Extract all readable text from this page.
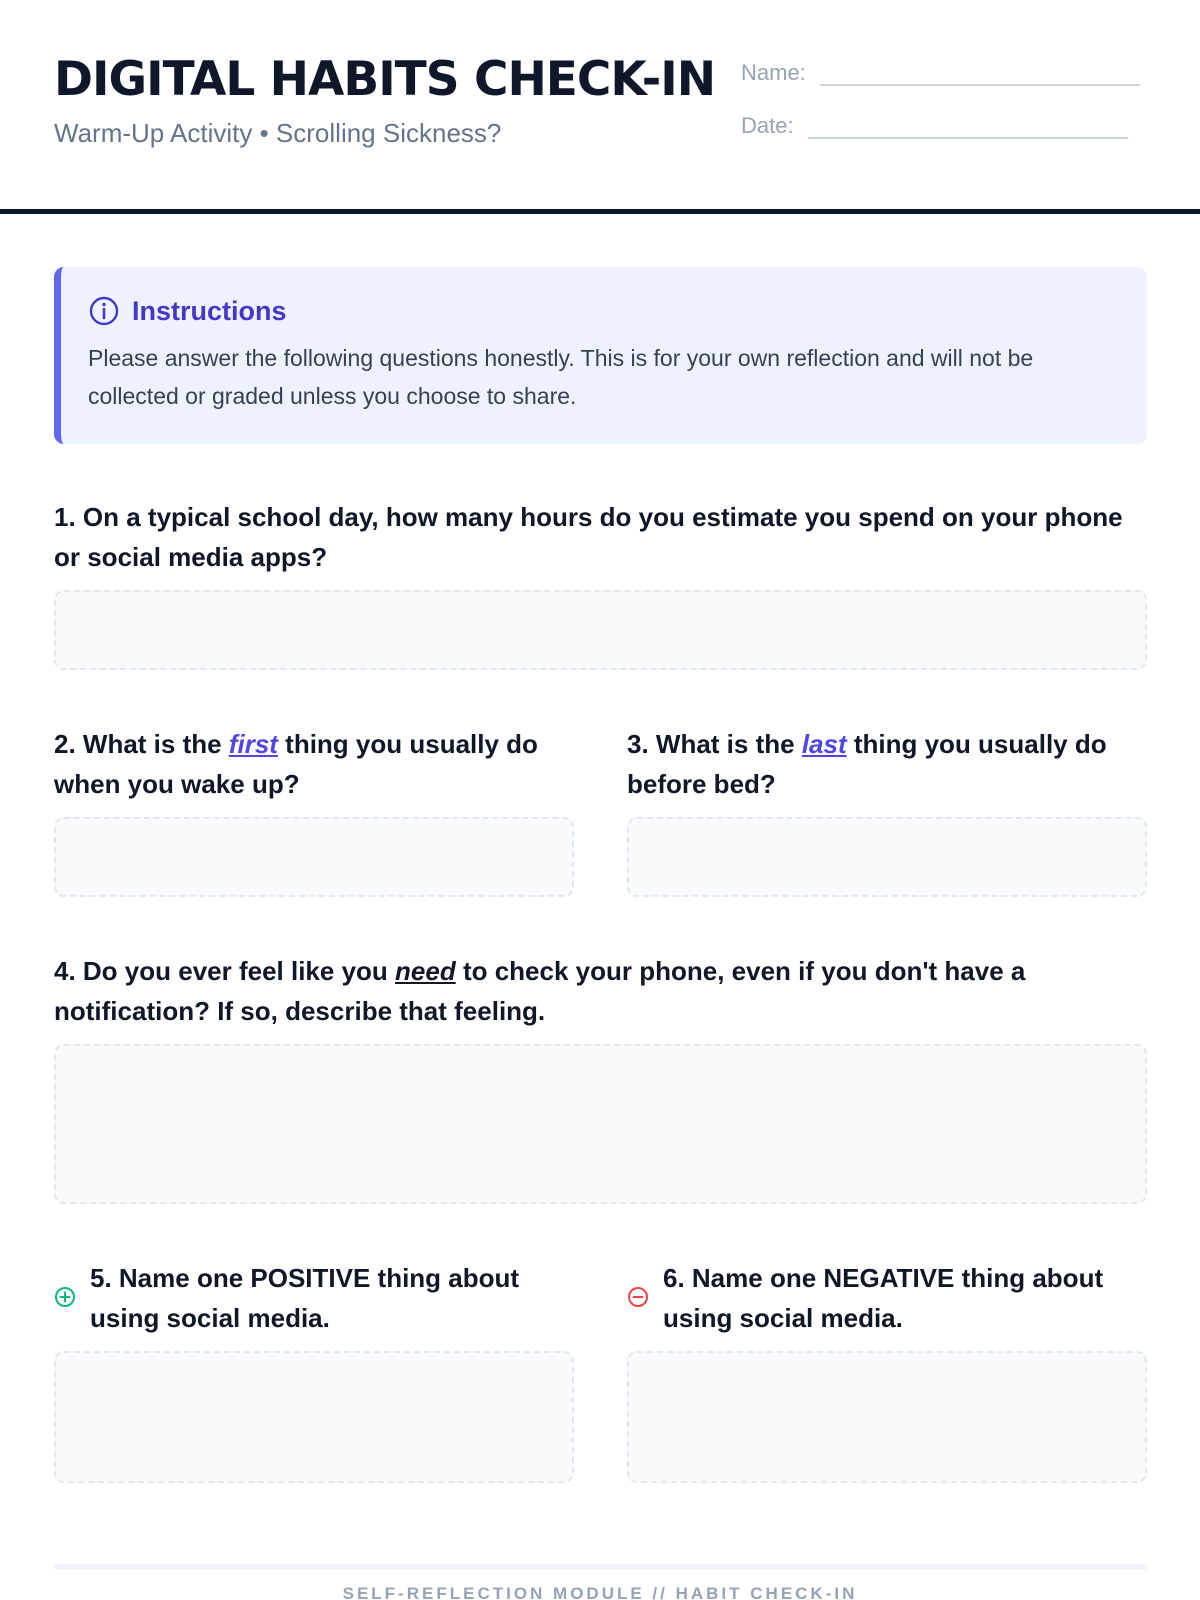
DIGITAL HABITS CHECK-IN
Warm-Up Activity • Scrolling Sickness?
Name:
Date:
Instructions
Please answer the following questions honestly. This is for your own reflection and will not be collected or graded unless you choose to share.
1. On a typical school day, how many hours do you estimate you spend on your phone or social media apps?
2. What is the first thing you usually do when you wake up?
3. What is the last thing you usually do before bed?
4. Do you ever feel like you need to check your phone, even if you don't have a notification? If so, describe that feeling.
5. Name one POSITIVE thing about using social media.
6. Name one NEGATIVE thing about using social media.
SELF-REFLECTION MODULE // HABIT CHECK-IN
